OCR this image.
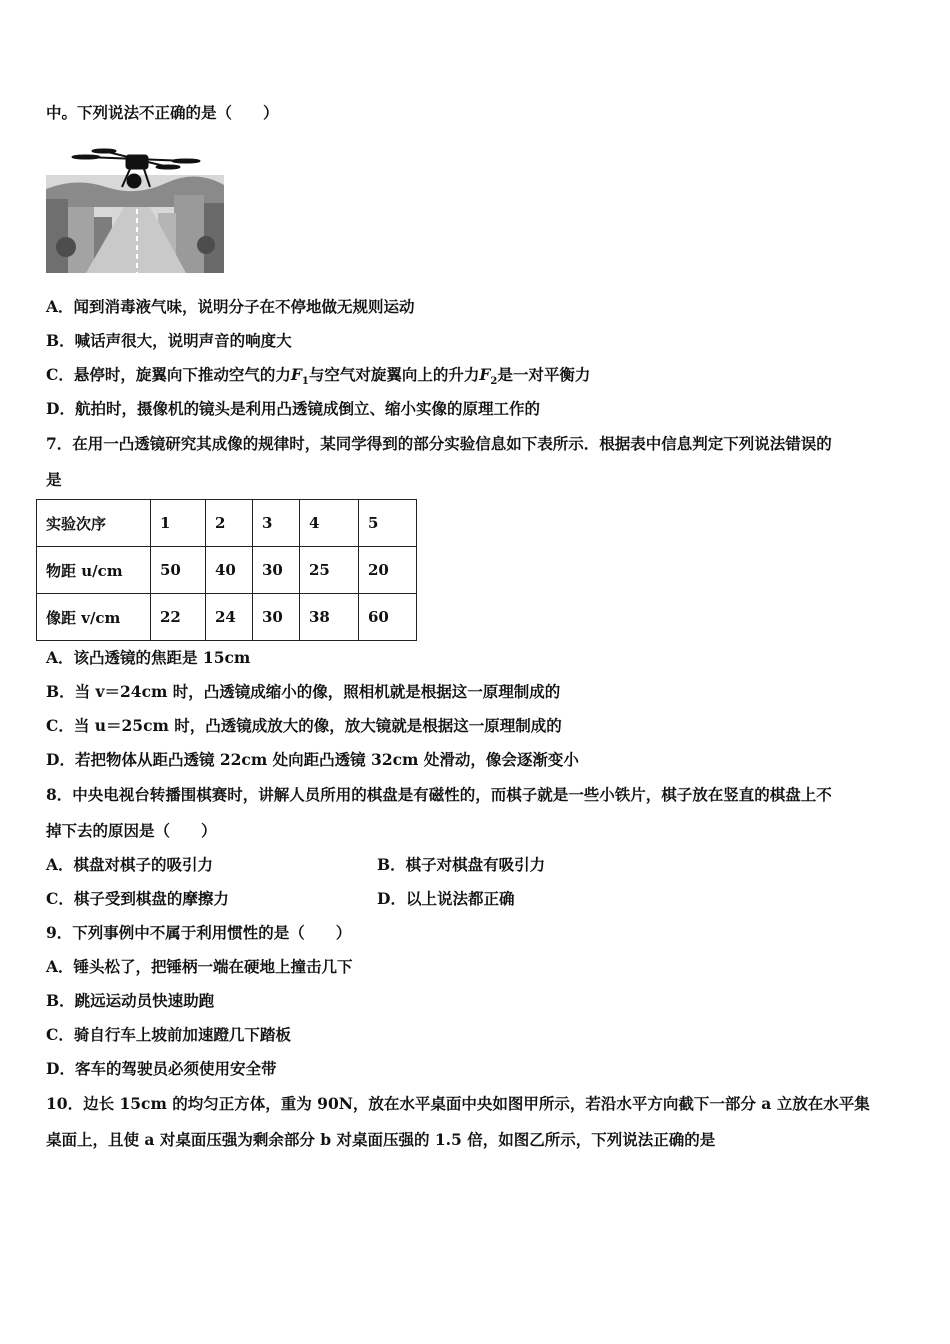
中。下列说法不正确的是（　　）
A．闻到消毒液气味，说明分子在不停地做无规则运动
B．喊话声很大，说明声音的响度大
C．悬停时，旋翼向下推动空气的力$F_1$与空气对旋翼向上的升力$F_2$是一对平衡力
D．航拍时，摄像机的镜头是利用凸透镜成倒立、缩小实像的原理工作的
7．在用一凸透镜研究其成像的规律时，某同学得到的部分实验信息如下表所示．根据表中信息判定下列说法错误的
是
实验次序	1	2	3	4	5
物距 u/cm	50	40	30	25	20
像距 v/cm	22	24	30	38	60
A．该凸透镜的焦距是 15cm
B．当 v＝24cm 时，凸透镜成缩小的像，照相机就是根据这一原理制成的
C．当 u＝25cm 时，凸透镜成放大的像，放大镜就是根据这一原理制成的
D．若把物体从距凸透镜 22cm 处向距凸透镜 32cm 处滑动，像会逐渐变小
8．中央电视台转播围棋赛时，讲解人员所用的棋盘是有磁性的，而棋子就是一些小铁片，棋子放在竖直的棋盘上不
掉下去的原因是（　　）
A．棋盘对棋子的吸引力	B．棋子对棋盘有吸引力
C．棋子受到棋盘的摩擦力	D．以上说法都正确
9．下列事例中不属于利用惯性的是（　　）
A．锤头松了，把锤柄一端在硬地上撞击几下
B．跳远运动员快速助跑
C．骑自行车上坡前加速蹬几下踏板
D．客车的驾驶员必须使用安全带
10．边长 15cm 的均匀正方体，重为 90N，放在水平桌面中央如图甲所示，若沿水平方向截下一部分 a 立放在水平集
桌面上，且使 a 对桌面压强为剩余部分 b 对桌面压强的 1.5 倍，如图乙所示，下列说法正确的是
